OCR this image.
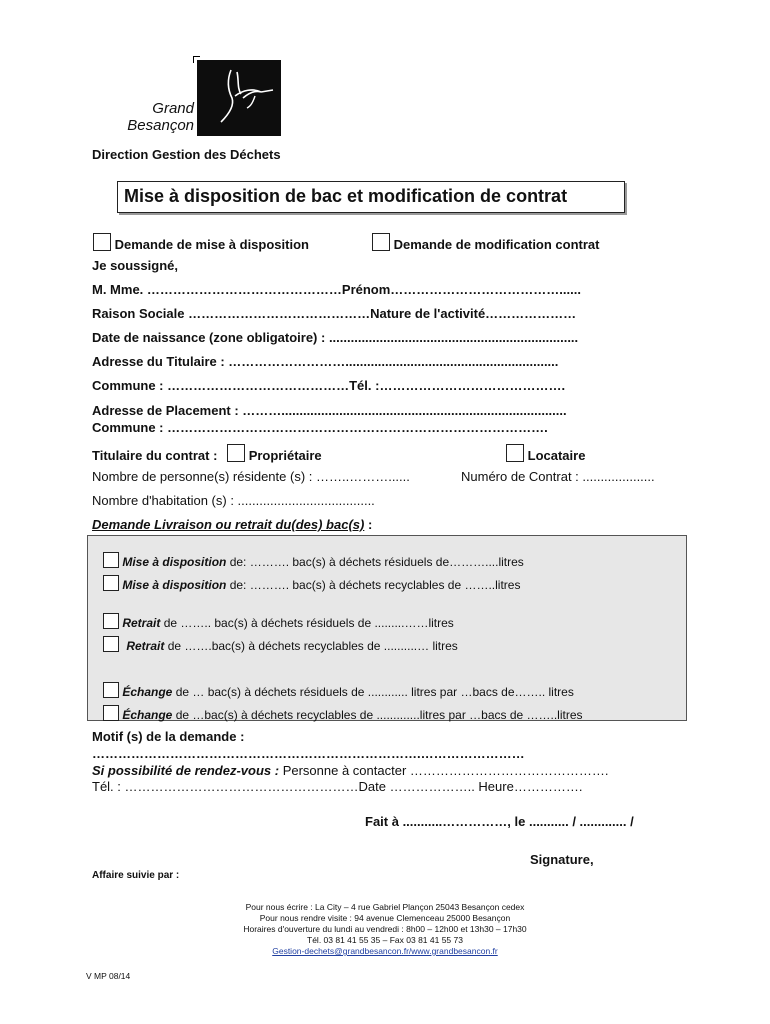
Grand
Besançon
Direction Gestion des Déchets
Mise à disposition de bac et modification de contrat
Demande de mise à disposition	Demande de modification contrat
Je soussigné,
M. Mme. ………………………………………Prénom…………………………………......
Raison Sociale ……………………………………Nature de l'activité…………………
Date de naissance (zone obligatoire) : .....................................................................
Adresse du Titulaire : ………………………...........................................................
Commune : ……………………………………Tél. :…………………………………….
Adresse de Placement : ………...............................................................................
Commune : …………………………………………………………………………….
Titulaire du contrat : Propriétaire	Locataire
Nombre de personne(s) résidente (s) : ……..………......	Numéro de Contrat : ....................
Nombre d'habitation (s) : ......................................
Demande Livraison ou retrait du(des) bac(s) :
Mise à disposition de: ………. bac(s) à déchets résiduels de………....litres
Mise à disposition de: ………. bac(s) à déchets recyclables de ……..litres
Retrait de …….. bac(s) à déchets résiduels de .........……litres
Retrait de …….bac(s) à déchets recyclables de ..........… litres
Échange de … bac(s) à déchets résiduels de ............ litres par …bacs de…….. litres
Échange de …bac(s) à déchets recyclables de .............litres par …bacs de ……..litres
Motif (s) de la demande :
………………………………………………………………….……………………
Si possibilité de rendez-vous : Personne à contacter ……………………………………….
Tél. : ………………………………………………Date ……………….. Heure…………….
Fait à ...........……………, le ........... / ............. /
Signature,
Affaire suivie par :
Pour nous écrire : La City – 4 rue Gabriel Plançon 25043 Besançon cedex
Pour nous rendre visite : 94 avenue Clemenceau 25000 Besançon
Horaires d'ouverture du lundi au vendredi : 8h00 – 12h00 et 13h30 – 17h30
Tél. 03 81 41 55 35 – Fax 03 81 41 55 73
Gestion-dechets@grandbesancon.fr/www.grandbesancon.fr
V MP 08/14
